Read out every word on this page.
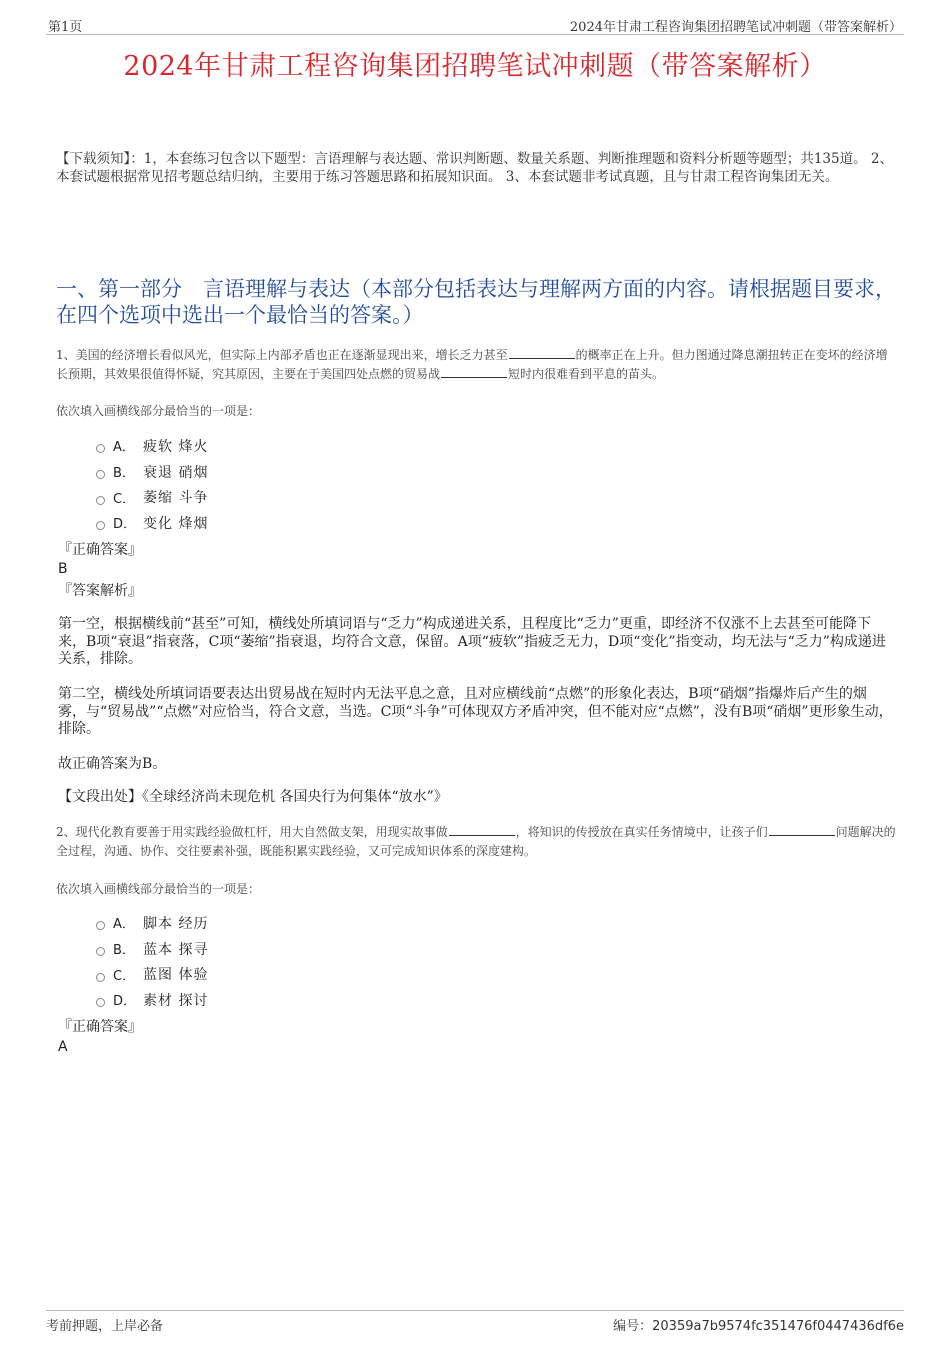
第1页	2024年甘肃工程咨询集团招聘笔试冲刺题（带答案解析）
2024年甘肃工程咨询集团招聘笔试冲刺题（带答案解析）
【下载须知】：1，本套练习包含以下题型：言语理解与表达题、常识判断题、数量关系题、判断推理题和资料分析题等题型；共135道。 2、本套试题根据常见招考题总结归纳，主要用于练习答题思路和拓展知识面。 3、本套试题非考试真题，且与甘肃工程咨询集团无关。
一、第一部分　言语理解与表达（本部分包括表达与理解两方面的内容。请根据题目要求，在四个选项中选出一个最恰当的答案。）
1、美国的经济增长看似风光，但实际上内部矛盾也正在逐渐显现出来，增长乏力甚至	的概率正在上升。但力图通过降息潮扭转正在变坏的经济增长预期，其效果很值得怀疑，究其原因，主要在于美国四处点燃的贸易战	短时内很难看到平息的苗头。
依次填入画横线部分最恰当的一项是：
A． 疲软 烽火
B． 衰退 硝烟
C． 萎缩 斗争
D． 变化 烽烟
『正确答案』
B
『答案解析』
第一空，根据横线前“甚至”可知，横线处所填词语与“乏力”构成递进关系，且程度比“乏力”更重，即经济不仅涨不上去甚至可能降下来，B项“衰退”指衰落，C项“萎缩”指衰退，均符合文意，保留。A项“疲软”指疲乏无力，D项“变化”指变动，均无法与“乏力”构成递进关系，排除。
第二空，横线处所填词语要表达出贸易战在短时内无法平息之意，且对应横线前“点燃”的形象化表达，B项“硝烟”指爆炸后产生的烟雾，与“贸易战”“点燃”对应恰当，符合文意，当选。C项“斗争”可体现双方矛盾冲突，但不能对应“点燃”，没有B项“硝烟”更形象生动，排除。
故正确答案为B。
【文段出处】《全球经济尚未现危机 各国央行为何集体“放水”》
2、现代化教育要善于用实践经验做杠杆，用大自然做支架，用现实故事做	，将知识的传授放在真实任务情境中，让孩子们	问题解决的全过程，沟通、协作、交往要素补强，既能积累实践经验，又可完成知识体系的深度建构。
依次填入画横线部分最恰当的一项是：
A． 脚本 经历
B． 蓝本 探寻
C． 蓝图 体验
D． 素材 探讨
『正确答案』
A
考前押题，上岸必备	编号：20359a7b9574fc351476f0447436df6e
